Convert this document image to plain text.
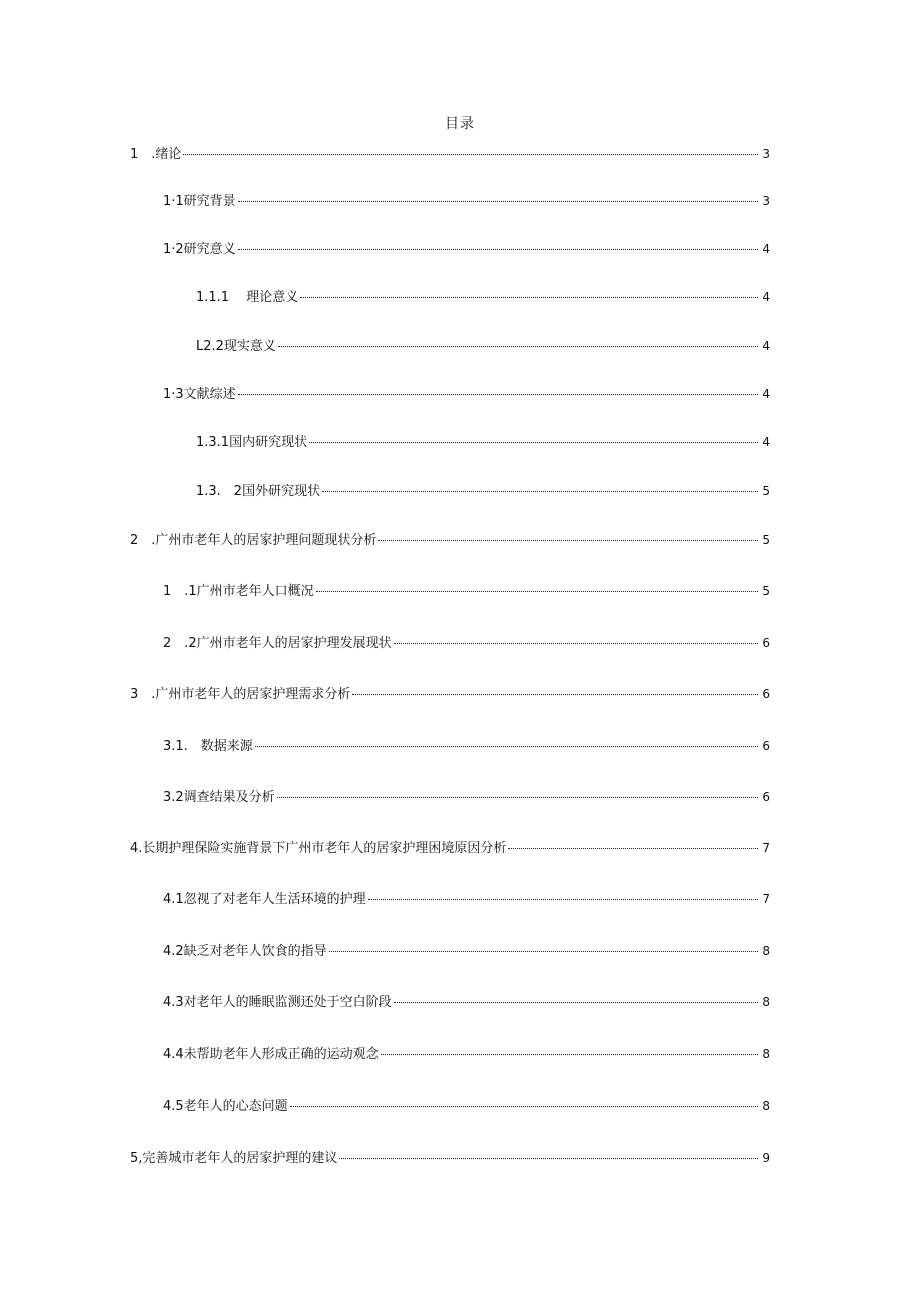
目录
1　.绪论	3
1·1研究背景	3
1·2研究意义	4
1.1.1　 理论意义	4
L2.2现实意义	4
1·3文献综述	4
1.3.1国内研究现状	4
1.3.　2国外研究现状	5
2　.广州市老年人的居家护理问题现状分析	5
1　.1广州市老年人口概况	5
2　.2广州市老年人的居家护理发展现状	6
3　.广州市老年人的居家护理需求分析	6
3.1.　数据来源	6
3.2调查结果及分析	6
4.长期护理保险实施背景下广州市老年人的居家护理困境原因分析	7
4.1忽视了对老年人生活环境的护理	7
4.2缺乏对老年人饮食的指导	8
4.3对老年人的睡眠监测还处于空白阶段	8
4.4未帮助老年人形成正确的运动观念	8
4.5老年人的心态问题	8
5,完善城市老年人的居家护理的建议	9
